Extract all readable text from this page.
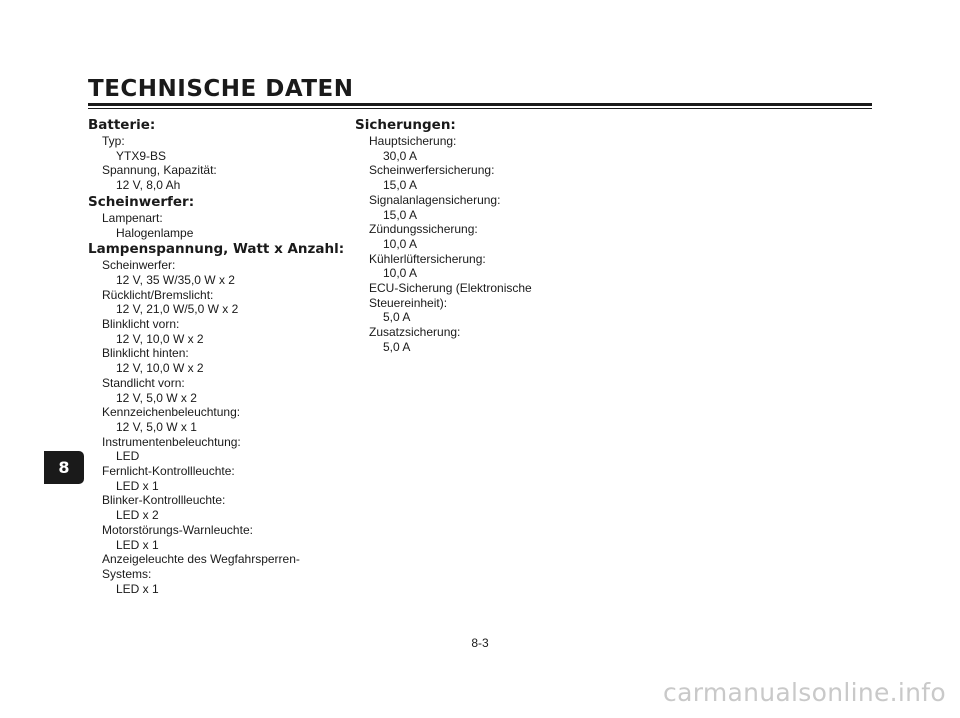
TECHNISCHE DATEN
Batterie:
Typ:
YTX9-BS
Spannung, Kapazität:
12 V, 8,0 Ah
Scheinwerfer:
Lampenart:
Halogenlampe
Lampenspannung, Watt x Anzahl:
Scheinwerfer:
12 V, 35 W/35,0 W x 2
Rücklicht/Bremslicht:
12 V, 21,0 W/5,0 W x 2
Blinklicht vorn:
12 V, 10,0 W x 2
Blinklicht hinten:
12 V, 10,0 W x 2
Standlicht vorn:
12 V, 5,0 W x 2
Kennzeichenbeleuchtung:
12 V, 5,0 W x 1
Instrumentenbeleuchtung:
LED
Fernlicht-Kontrollleuchte:
LED x 1
Blinker-Kontrollleuchte:
LED x 2
Motorstörungs-Warnleuchte:
LED x 1
Anzeigeleuchte des Wegfahrsperren-
Systems:
LED x 1
Sicherungen:
Hauptsicherung:
30,0 A
Scheinwerfersicherung:
15,0 A
Signalanlagensicherung:
15,0 A
Zündungssicherung:
10,0 A
Kühlerlüftersicherung:
10,0 A
ECU-Sicherung (Elektronische
Steuereinheit):
5,0 A
Zusatzsicherung:
5,0 A
8
8-3
carmanualsonline.info
